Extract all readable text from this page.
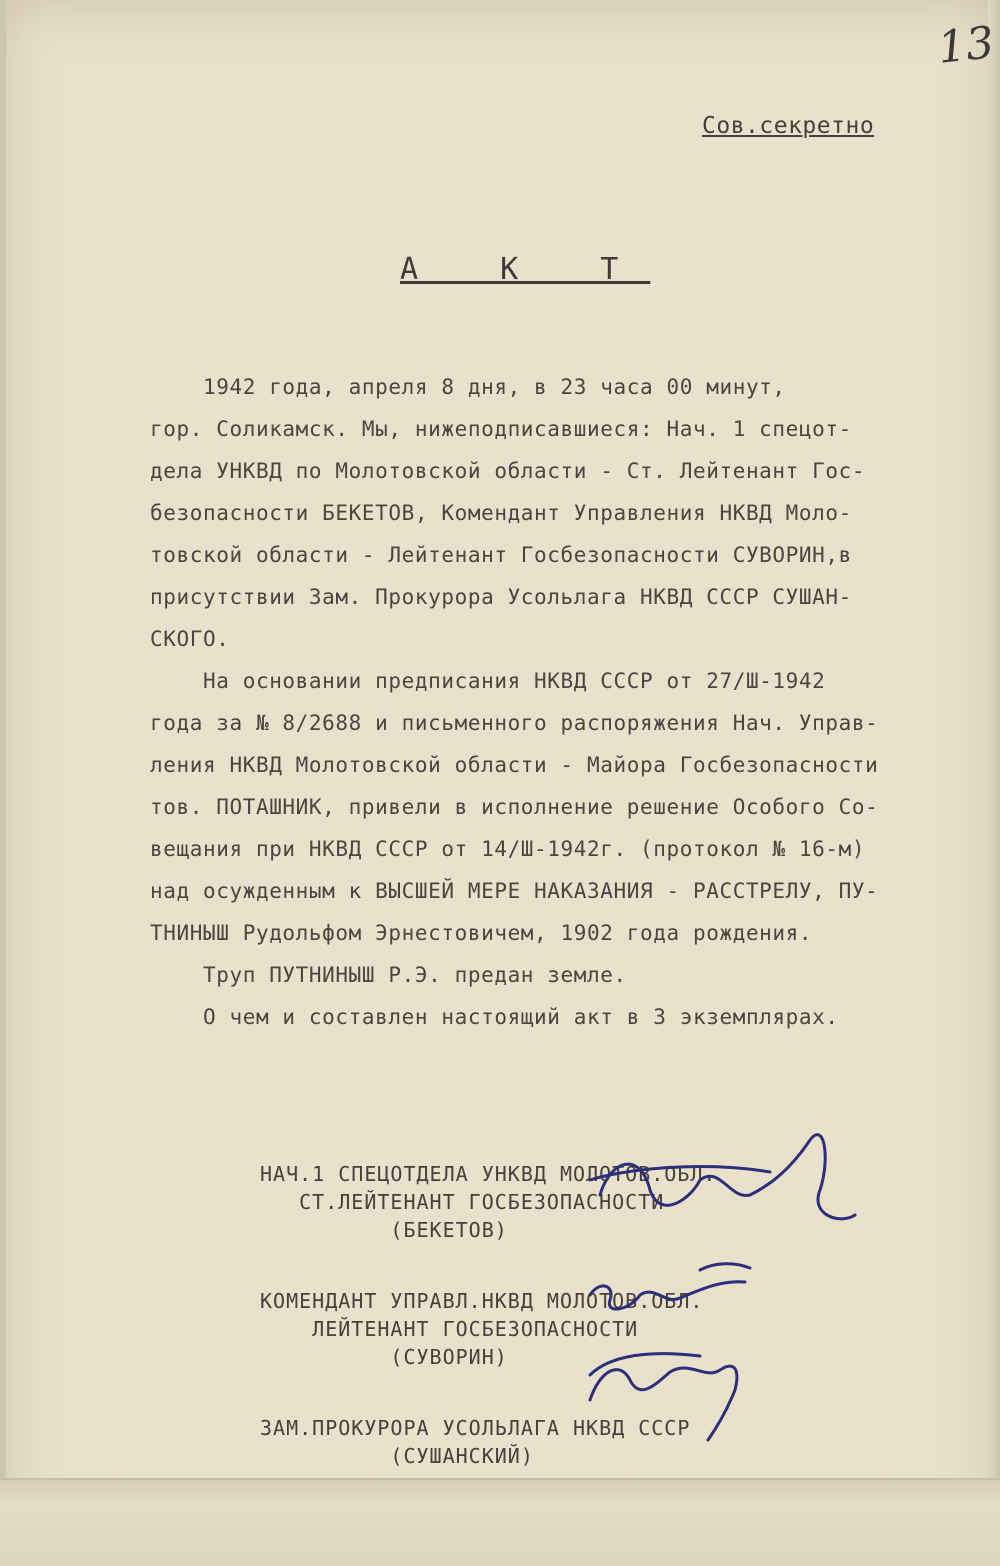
13
Сов.секретно
А К Т
1942 года, апреля 8 дня, в 23 часа 00 минут,
гор. Соликамск. Мы, нижеподписавшиеся: Нач. 1 спецот-
дела УНКВД по Молотовской области - Ст. Лейтенант Гос-
безопасности БЕКЕТОВ, Комендант Управления НКВД Моло-
товской области - Лейтенант Госбезопасности СУВОРИН,в
присутствии Зам. Прокурора Усольлага НКВД СССР СУШАН-
СКОГО.
На основании предписания НКВД СССР от 27/Ш-1942
года за № 8/2688 и письменного распоряжения Нач. Управ-
ления НКВД Молотовской области - Майора Госбезопасности
тов. ПОТАШНИК, привели в исполнение решение Особого Со-
вещания при НКВД СССР от 14/Ш-1942г. (протокол № 16-м)
над осужденным к ВЫСШЕЙ МЕРЕ НАКАЗАНИЯ - РАССТРЕЛУ, ПУ-
ТНИНЫШ Рудольфом Эрнестовичем, 1902 года рождения.
Труп ПУТНИНЫШ Р.Э. предан земле.
О чем и составлен настоящий акт в 3 экземплярах.
НАЧ.1 СПЕЦОТДЕЛА УНКВД МОЛОТОВ.ОБЛ.
СТ.ЛЕЙТЕНАНТ ГОСБЕЗОПАСНОСТИ
(БЕКЕТОВ)
КОМЕНДАНТ УПРАВЛ.НКВД МОЛОТОВ.ОБЛ.
ЛЕЙТЕНАНТ ГОСБЕЗОПАСНОСТИ
(СУВОРИН)
ЗАМ.ПРОКУРОРА УСОЛЬЛАГА НКВД СССР
(СУШАНСКИЙ)
